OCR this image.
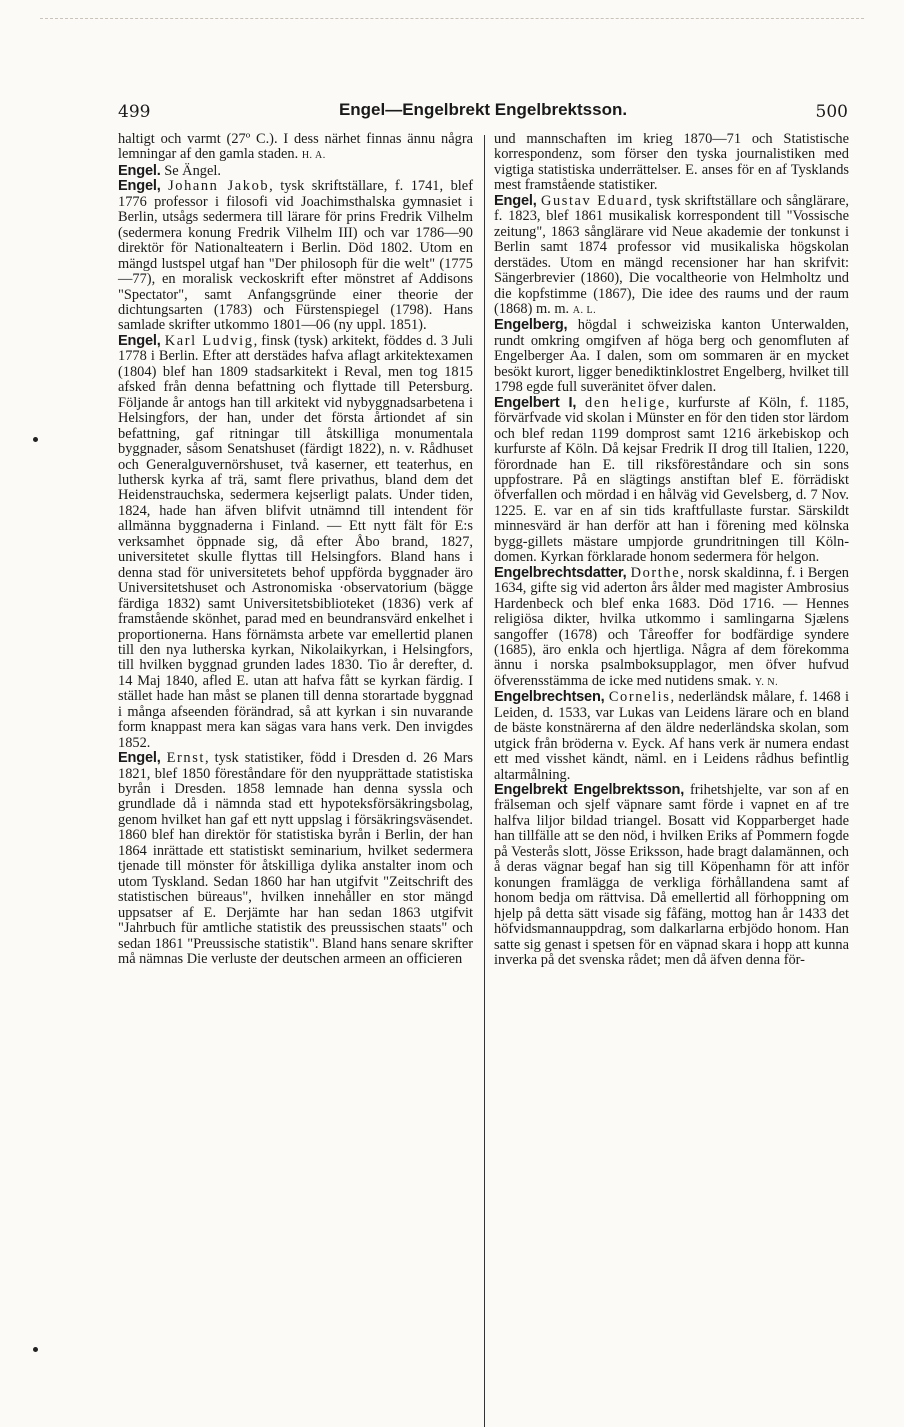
499	Engel—Engelbrekt Engelbrektsson.	500

haltigt och varmt (27º C.). I dess närhet finnas ännu några lemningar af den gamla staden. H. A.

Engel. Se Ängel.

Engel, Johann Jakob, tysk skriftställare, f. 1741, blef 1776 professor i filosofi vid Joachimsthalska gymnasiet i Berlin, utsågs sedermera till lärare för prins Fredrik Vilhelm (sedermera konung Fredrik Vilhelm III) och var 1786—90 direktör för Nationalteatern i Berlin. Död 1802. Utom en mängd lustspel utgaf han "Der philosoph für die welt" (1775—77), en moralisk veckoskrift efter mönstret af Addisons "Spectator", samt Anfangsgründe einer theorie der dichtungsarten (1783) och Fürstenspiegel (1798). Hans samlade skrifter utkommo 1801—06 (ny uppl. 1851).

Engel, Karl Ludvig, finsk (tysk) arkitekt, föddes d. 3 Juli 1778 i Berlin. Efter att derstädes hafva aflagt arkitektexamen (1804) blef han 1809 stadsarkitekt i Reval, men tog 1815 afsked från denna befattning och flyttade till Petersburg. Följande år antogs han till arkitekt vid nybyggnadsarbetena i Helsingfors, der han, under det första årtiondet af sin befattning, gaf ritningar till åtskilliga monumentala byggnader, såsom Senatshuset (färdigt 1822), n. v. Rådhuset och Generalguvernörshuset, två kaserner, ett teaterhus, en luthersk kyrka af trä, samt flere privathus, bland dem det Heidenstrauchska, sedermera kejserligt palats. Under tiden, 1824, hade han äfven blifvit utnämnd till intendent för allmänna byggnaderna i Finland. — Ett nytt fält för E:s verksamhet öppnade sig, då efter Åbo brand, 1827, universitetet skulle flyttas till Helsingfors. Bland hans i denna stad för universitetets behof uppförda byggnader äro Universitetshuset och Astronomiska ·observatorium (bägge färdiga 1832) samt Universitetsbiblioteket (1836) verk af framstående skönhet, parad med en beundransvärd enkelhet i proportionerna. Hans förnämsta arbete var emellertid planen till den nya lutherska kyrkan, Nikolaikyrkan, i Helsingfors, till hvilken byggnad grunden lades 1830. Tio år derefter, d. 14 Maj 1840, afled E. utan att hafva fått se kyrkan färdig. I stället hade han måst se planen till denna storartade byggnad i många afseenden förändrad, så att kyrkan i sin nuvarande form knappast mera kan sägas vara hans verk. Den invigdes 1852.

Engel, Ernst, tysk statistiker, född i Dresden d. 26 Mars 1821, blef 1850 föreståndare för den nyupprättade statistiska byrån i Dresden. 1858 lemnade han denna syssla och grundlade då i nämnda stad ett hypoteksförsäkringsbolag, genom hvilket han gaf ett nytt uppslag i försäkringsväsendet. 1860 blef han direktör för statistiska byrån i Berlin, der han 1864 inrättade ett statistiskt seminarium, hvilket sedermera tjenade till mönster för åtskilliga dylika anstalter inom och utom Tyskland. Sedan 1860 har han utgifvit "Zeitschrift des statistischen büreaus", hvilken innehåller en stor mängd uppsatser af E. Derjämte har han sedan 1863 utgifvit "Jahrbuch für amtliche statistik des preussischen staats" och sedan 1861 "Preussische statistik". Bland hans senare skrifter må nämnas Die verluste der deutschen armeen an officieren

und mannschaften im krieg 1870—71 och Statistische korrespondenz, som förser den tyska journalistiken med vigtiga statistiska underrättelser. E. anses för en af Tysklands mest framstående statistiker.

Engel, Gustav Eduard, tysk skriftställare och sånglärare, f. 1823, blef 1861 musikalisk korrespondent till "Vossische zeitung", 1863 sånglärare vid Neue akademie der tonkunst i Berlin samt 1874 professor vid musikaliska högskolan derstädes. Utom en mängd recensioner har han skrifvit: Sängerbrevier (1860), Die vocaltheorie von Helmholtz und die kopfstimme (1867), Die idee des raums und der raum (1868) m. m. A. L.

Engelberg, högdal i schweiziska kanton Unterwalden, rundt omkring omgifven af höga berg och genomfluten af Engelberger Aa. I dalen, som om sommaren är en mycket besökt kurort, ligger benediktinklostret Engelberg, hvilket till 1798 egde full suveränitet öfver dalen.

Engelbert I, den helige, kurfurste af Köln, f. 1185, förvärfvade vid skolan i Münster en för den tiden stor lärdom och blef redan 1199 domprost samt 1216 ärkebiskop och kurfurste af Köln. Då kejsar Fredrik II drog till Italien, 1220, förordnade han E. till riksföreståndare och sin sons uppfostrare. På en slägtings anstiftan blef E. förrädiskt öfverfallen och mördad i en hålväg vid Gevelsberg, d. 7 Nov. 1225. E. var en af sin tids kraftfullaste furstar. Särskildt minnesvärd är han derför att han i förening med kölnska bygg-gillets mästare umpjorde grundritningen till Köln-domen. Kyrkan förklarade honom sedermera för helgon.

Engelbrechtsdatter, Dorthe, norsk skaldinna, f. i Bergen 1634, gifte sig vid aderton års ålder med magister Ambrosius Hardenbeck och blef enka 1683. Död 1716. — Hennes religiösa dikter, hvilka utkommo i samlingarna Sjælens sangoffer (1678) och Tåreoffer for bodfärdige syndere (1685), äro enkla och hjertliga. Några af dem förekomma ännu i norska psalmboksupplagor, men öfver hufvud öfverensstämma de icke med nutidens smak. Y. N.

Engelbrechtsen, Cornelis, nederländsk målare, f. 1468 i Leiden, d. 1533, var Lukas van Leidens lärare och en bland de bäste konstnärerna af den äldre nederländska skolan, som utgick från bröderna v. Eyck. Af hans verk är numera endast ett med visshet kändt, näml. en i Leidens rådhus befintlig altarmålning.

Engelbrekt Engelbrektsson, frihetshjelte, var son af en frälseman och sjelf väpnare samt förde i vapnet en af tre halfva liljor bildad triangel. Bosatt vid Kopparberget hade han tillfälle att se den nöd, i hvilken Eriks af Pommern fogde på Vesterås slott, Jösse Eriksson, hade bragt dalamännen, och å deras vägnar begaf han sig till Köpenhamn för att inför konungen framlägga de verkliga förhållandena samt af honom bedja om rättvisa. Då emellertid all förhoppning om hjelp på detta sätt visade sig fåfäng, mottog han år 1433 det höfvidsmannauppdrag, som dalkarlarna erbjödo honom. Han satte sig genast i spetsen för en väpnad skara i hopp att kunna inverka på det svenska rådet; men då äfven denna för-
